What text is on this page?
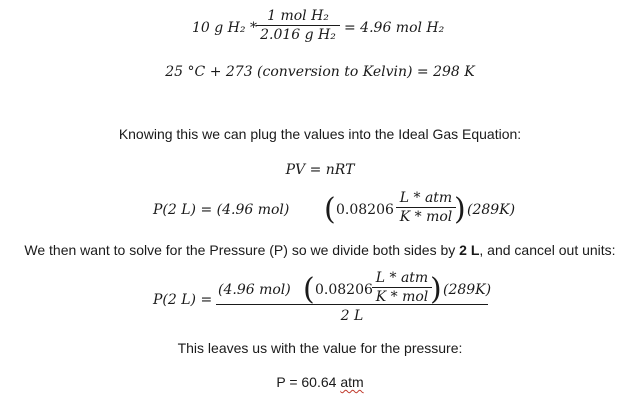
10 g H₂ *
1 mol H₂
2.016 g H₂ = 4.96 mol H₂
25 °C + 273 (conversion to Kelvin) = 298 K
Knowing this we can plug the values into the Ideal Gas Equation:
PV = nRT
P(2 L) = (4.96 mol) ( 0.08206
L * atm
K * mol ) (289K)
We then want to solve for the Pressure (P) so we divide both sides by 2 L, and cancel out units:
P(2 L) =
(4.96 mol) ( 0.08206
L * atm
K * mol ) (289K)
2 L
This leaves us with the value for the pressure:
P = 60.64 atm
